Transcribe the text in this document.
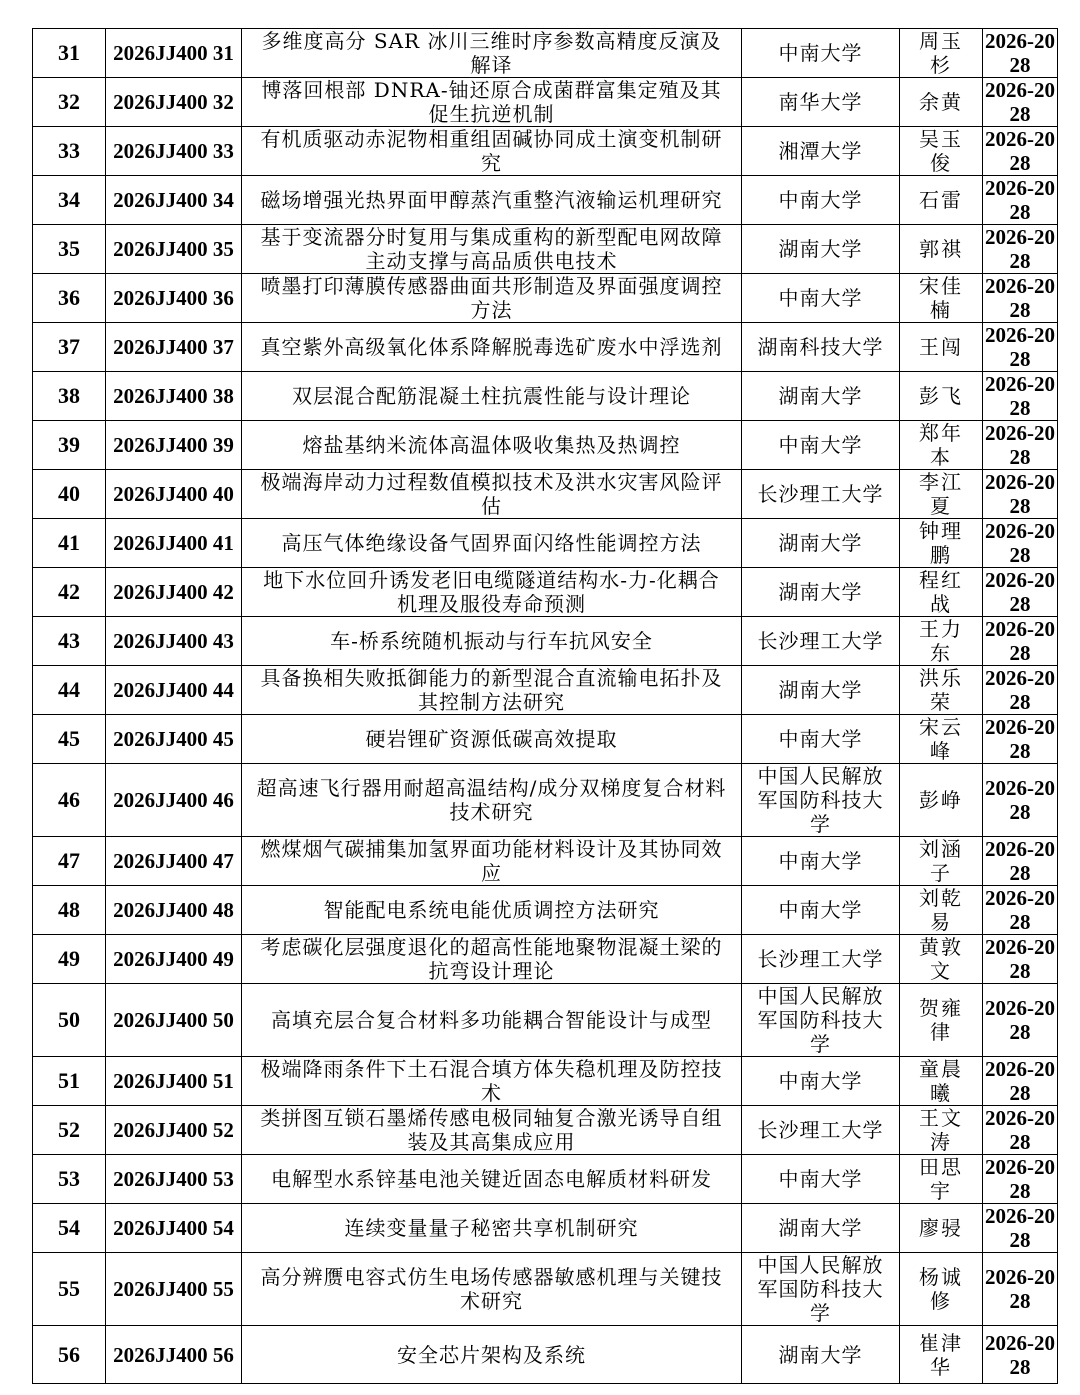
31	2026JJ400 31	多维度高分 SAR 冰川三维时序参数高精度反演及解译	中南大学	周玉杉	2026-20 28
32	2026JJ400 32	博落回根部 DNRA-铀还原合成菌群富集定殖及其促生抗逆机制	南华大学	余黄	2026-20 28
33	2026JJ400 33	有机质驱动赤泥物相重组固碱协同成土演变机制研究	湘潭大学	吴玉俊	2026-20 28
34	2026JJ400 34	磁场增强光热界面甲醇蒸汽重整汽液输运机理研究	中南大学	石雷	2026-20 28
35	2026JJ400 35	基于变流器分时复用与集成重构的新型配电网故障主动支撑与高品质供电技术	湖南大学	郭祺	2026-20 28
36	2026JJ400 36	喷墨打印薄膜传感器曲面共形制造及界面强度调控方法	中南大学	宋佳楠	2026-20 28
37	2026JJ400 37	真空紫外高级氧化体系降解脱毒选矿废水中浮选剂	湖南科技大学	王闯	2026-20 28
38	2026JJ400 38	双层混合配筋混凝土柱抗震性能与设计理论	湖南大学	彭飞	2026-20 28
39	2026JJ400 39	熔盐基纳米流体高温体吸收集热及热调控	中南大学	郑年本	2026-20 28
40	2026JJ400 40	极端海岸动力过程数值模拟技术及洪水灾害风险评估	长沙理工大学	李江夏	2026-20 28
41	2026JJ400 41	高压气体绝缘设备气固界面闪络性能调控方法	湖南大学	钟理鹏	2026-20 28
42	2026JJ400 42	地下水位回升诱发老旧电缆隧道结构水-力-化耦合机理及服役寿命预测	湖南大学	程红战	2026-20 28
43	2026JJ400 43	车-桥系统随机振动与行车抗风安全	长沙理工大学	王力东	2026-20 28
44	2026JJ400 44	具备换相失败抵御能力的新型混合直流输电拓扑及其控制方法研究	湖南大学	洪乐荣	2026-20 28
45	2026JJ400 45	硬岩锂矿资源低碳高效提取	中南大学	宋云峰	2026-20 28
46	2026JJ400 46	超高速飞行器用耐超高温结构/成分双梯度复合材料技术研究	中国人民解放军国防科技大学	彭峥	2026-20 28
47	2026JJ400 47	燃煤烟气碳捕集加氢界面功能材料设计及其协同效应	中南大学	刘涵子	2026-20 28
48	2026JJ400 48	智能配电系统电能优质调控方法研究	中南大学	刘乾易	2026-20 28
49	2026JJ400 49	考虑碳化层强度退化的超高性能地聚物混凝土梁的抗弯设计理论	长沙理工大学	黄敦文	2026-20 28
50	2026JJ400 50	高填充层合复合材料多功能耦合智能设计与成型	中国人民解放军国防科技大学	贺雍律	2026-20 28
51	2026JJ400 51	极端降雨条件下土石混合填方体失稳机理及防控技术	中南大学	童晨曦	2026-20 28
52	2026JJ400 52	类拼图互锁石墨烯传感电极同轴复合激光诱导自组装及其高集成应用	长沙理工大学	王文涛	2026-20 28
53	2026JJ400 53	电解型水系锌基电池关键近固态电解质材料研发	中南大学	田思宇	2026-20 28
54	2026JJ400 54	连续变量量子秘密共享机制研究	湖南大学	廖骎	2026-20 28
55	2026JJ400 55	高分辨赝电容式仿生电场传感器敏感机理与关键技术研究	中国人民解放军国防科技大学	杨诚修	2026-20 28
56	2026JJ400 56	安全芯片架构及系统	湖南大学	崔津华	2026-20 28
